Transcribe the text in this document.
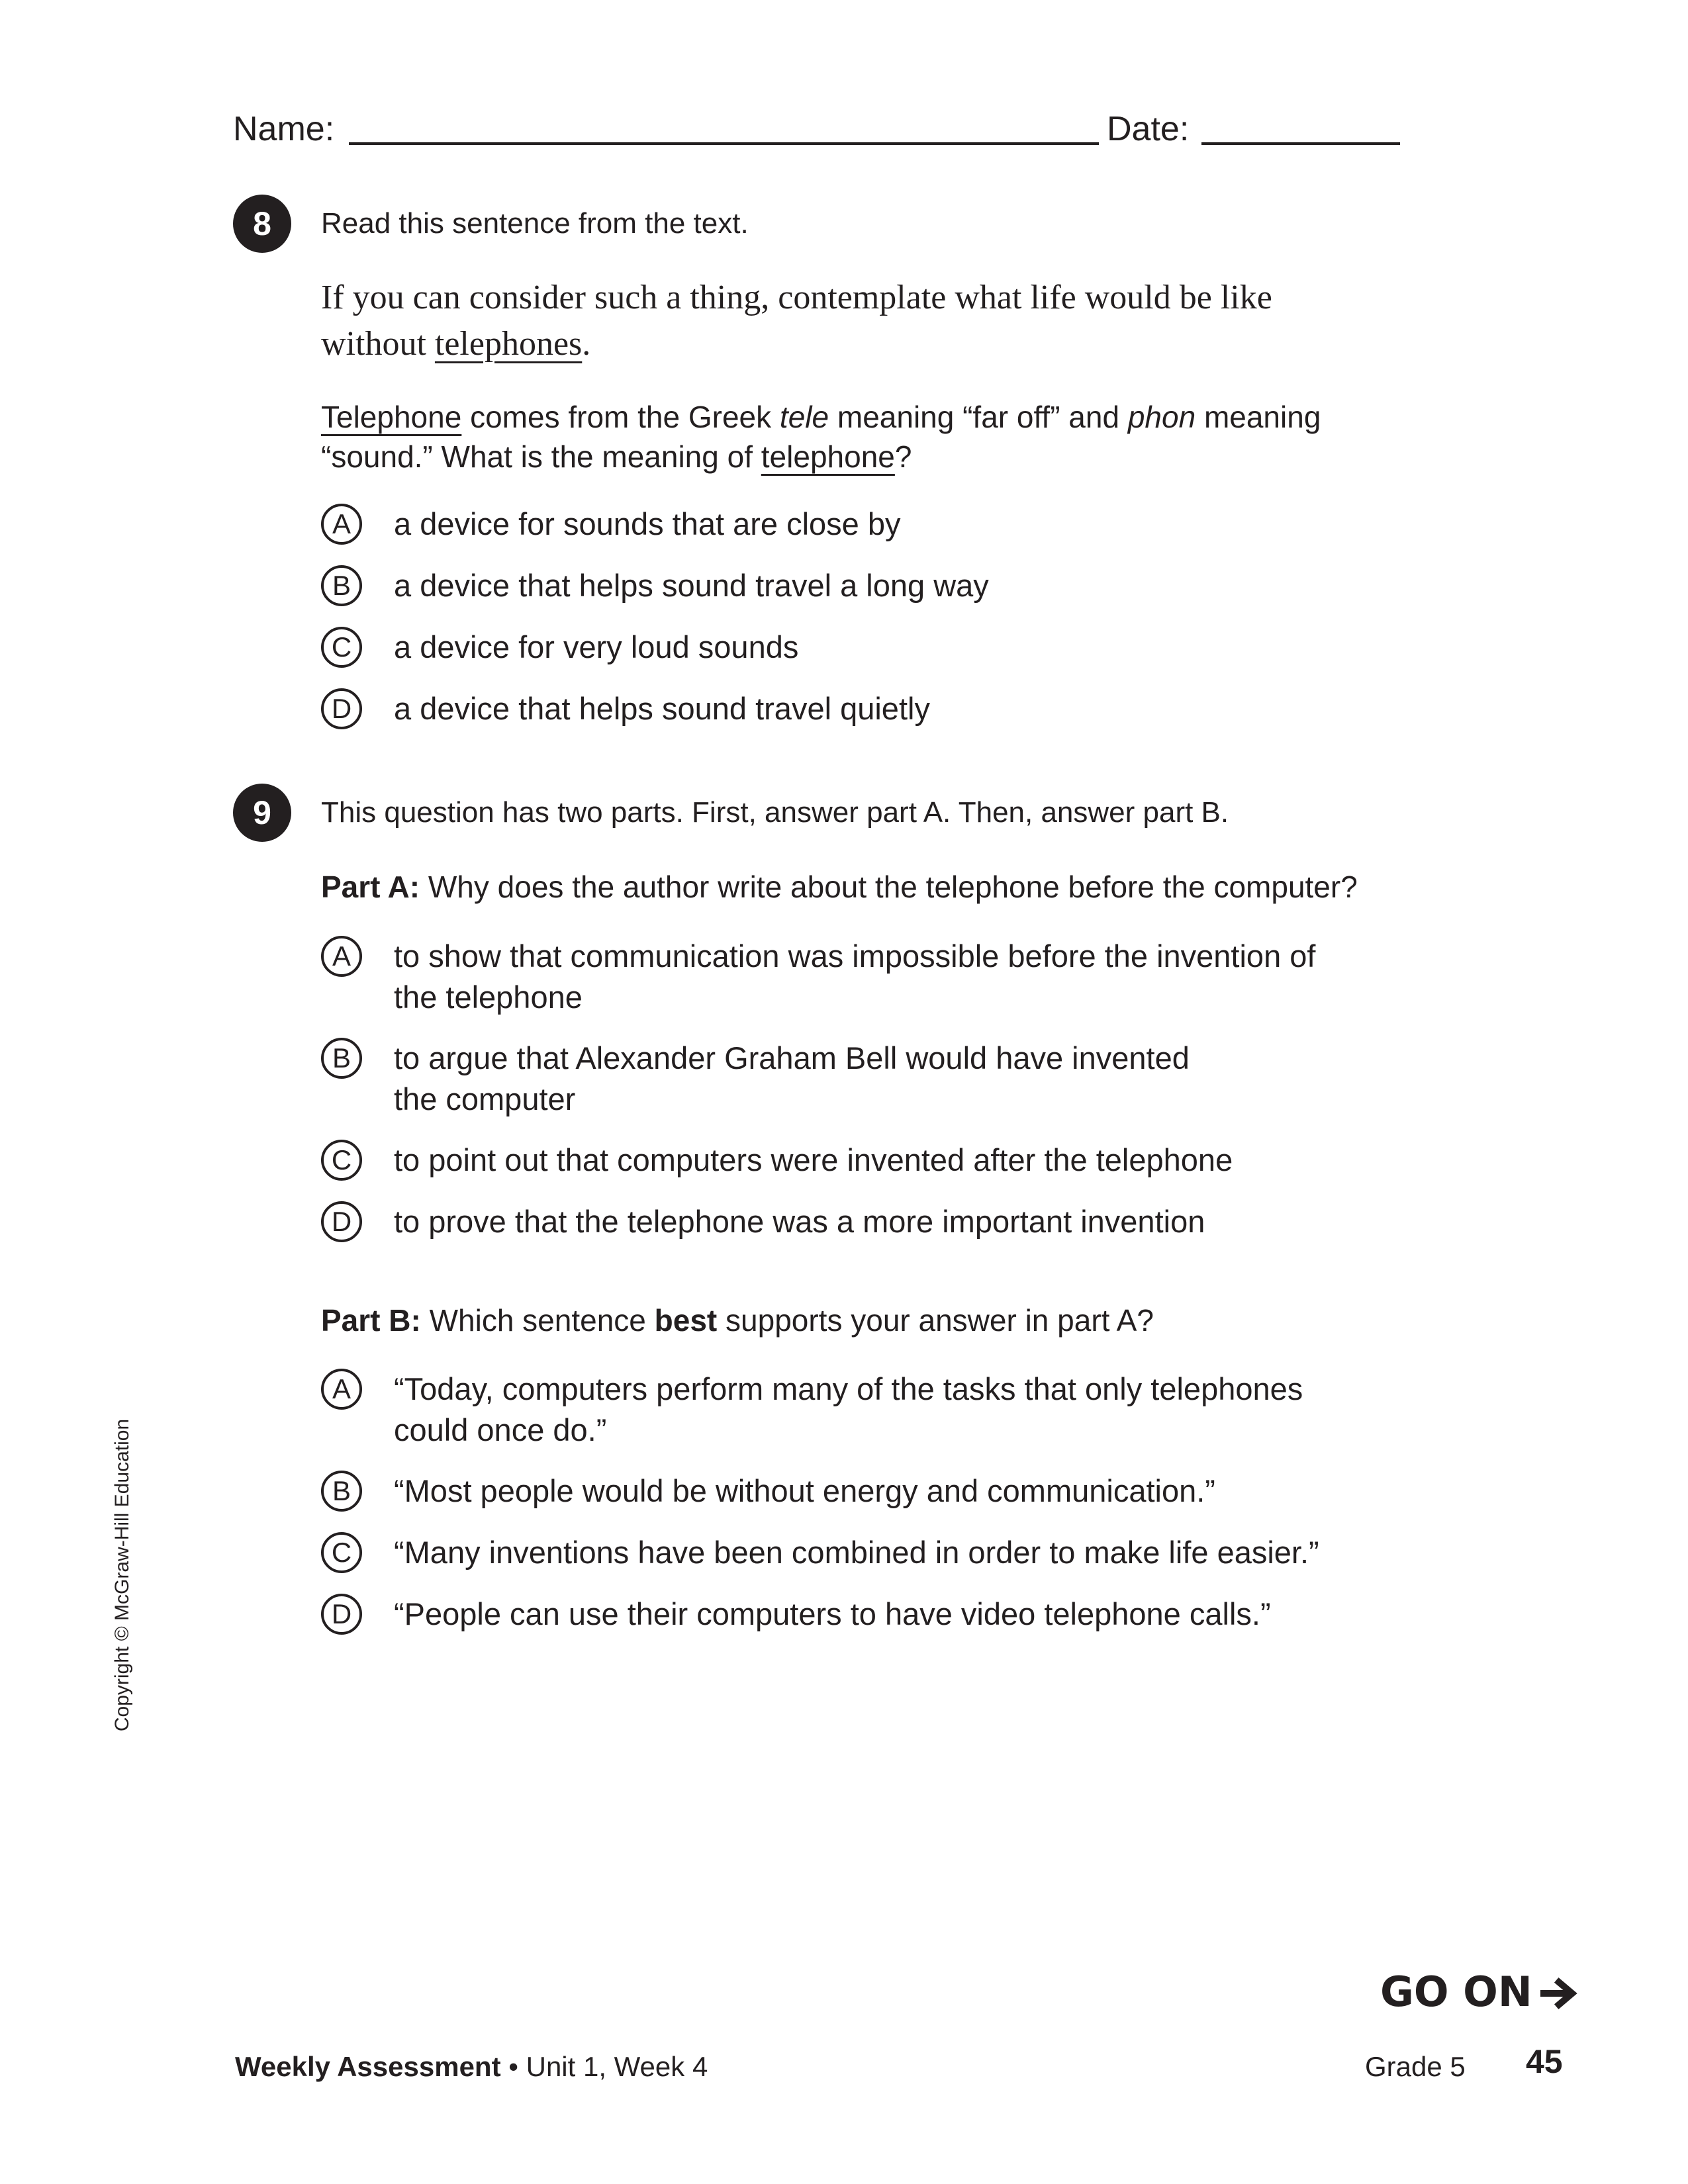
Name:	Date:
8	Read this sentence from the text.
If you can consider such a thing, contemplate what life would be like
without telephones.
Telephone comes from the Greek tele meaning “far off” and phon meaning
“sound.” What is the meaning of telephone?
A	a device for sounds that are close by
B	a device that helps sound travel a long way
C	a device for very loud sounds
D	a device that helps sound travel quietly
9	This question has two parts. First, answer part A. Then, answer part B.
Part A: Why does the author write about the telephone before the computer?
A	to show that communication was impossible before the invention of
the telephone
B	to argue that Alexander Graham Bell would have invented
the computer
C	to point out that computers were invented after the telephone
D	to prove that the telephone was a more important invention
Part B: Which sentence best supports your answer in part A?
A	“Today, computers perform many of the tasks that only telephones
could once do.”
B	“Most people would be without energy and communication.”
C	“Many inventions have been combined in order to make life easier.”
D	“People can use their computers to have video telephone calls.”
Copyright © McGraw-Hill Education
GO ON
Weekly Assessment • Unit 1, Week 4	Grade 5 45
